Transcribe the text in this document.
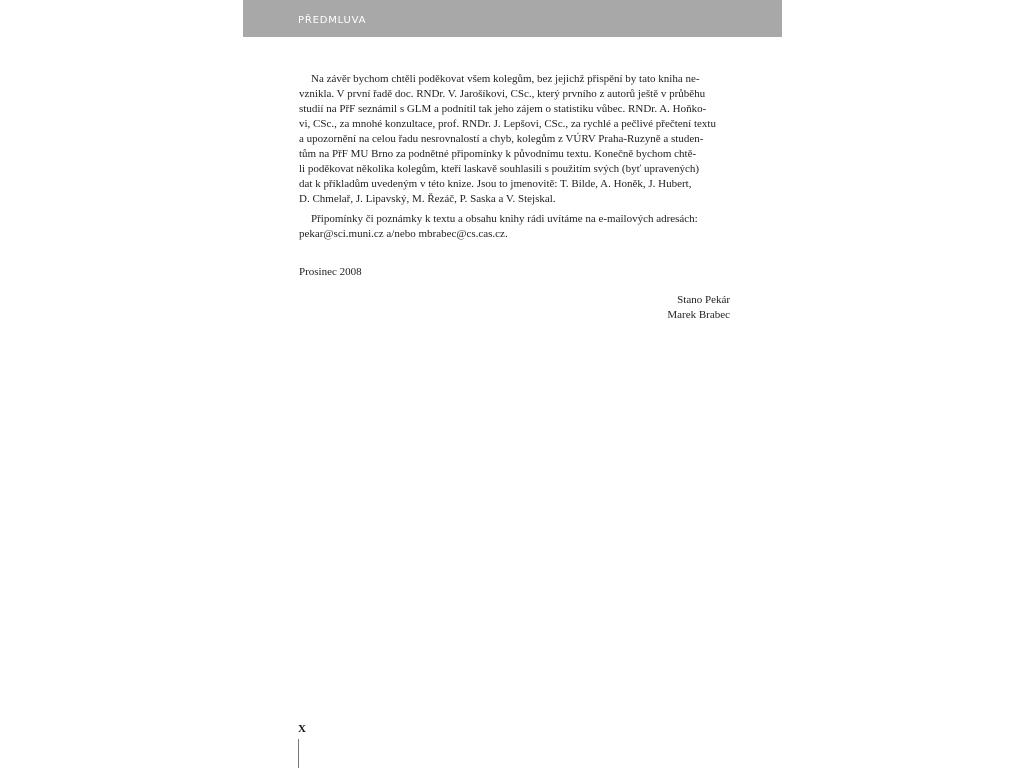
PŘEDMLUVA
Na závěr bychom chtěli poděkovat všem kolegům, bez jejichž přispění by tato kniha ne-
vznikla. V první řadě doc. RNDr. V. Jarošíkovi, CSc., který prvního z autorů ještě v průběhu
studií na PřF seznámil s GLM a podnítil tak jeho zájem o statistiku vůbec. RNDr. A. Hoňko-
vi, CSc., za mnohé konzultace, prof. RNDr. J. Lepšovi, CSc., za rychlé a pečlivé přečtení textu
a upozornění na celou řadu nesrovnalostí a chyb, kolegům z VÚRV Praha-Ruzyně a studen-
tům na PřF MU Brno za podnětné připomínky k původnímu textu. Konečně bychom chtě-
li poděkovat několika kolegům, kteří laskavě souhlasili s použitím svých (byť upravených)
dat k příkladům uvedeným v této knize. Jsou to jmenovitě: T. Bilde, A. Honěk, J. Hubert,
D. Chmelař, J. Lipavský, M. Řezáč, P. Saska a V. Stejskal.
Připomínky či poznámky k textu a obsahu knihy rádi uvítáme na e-mailových adresách:
pekar@sci.muni.cz a/nebo mbrabec@cs.cas.cz.
Prosinec 2008
Stano Pekár
Marek Brabec
X
